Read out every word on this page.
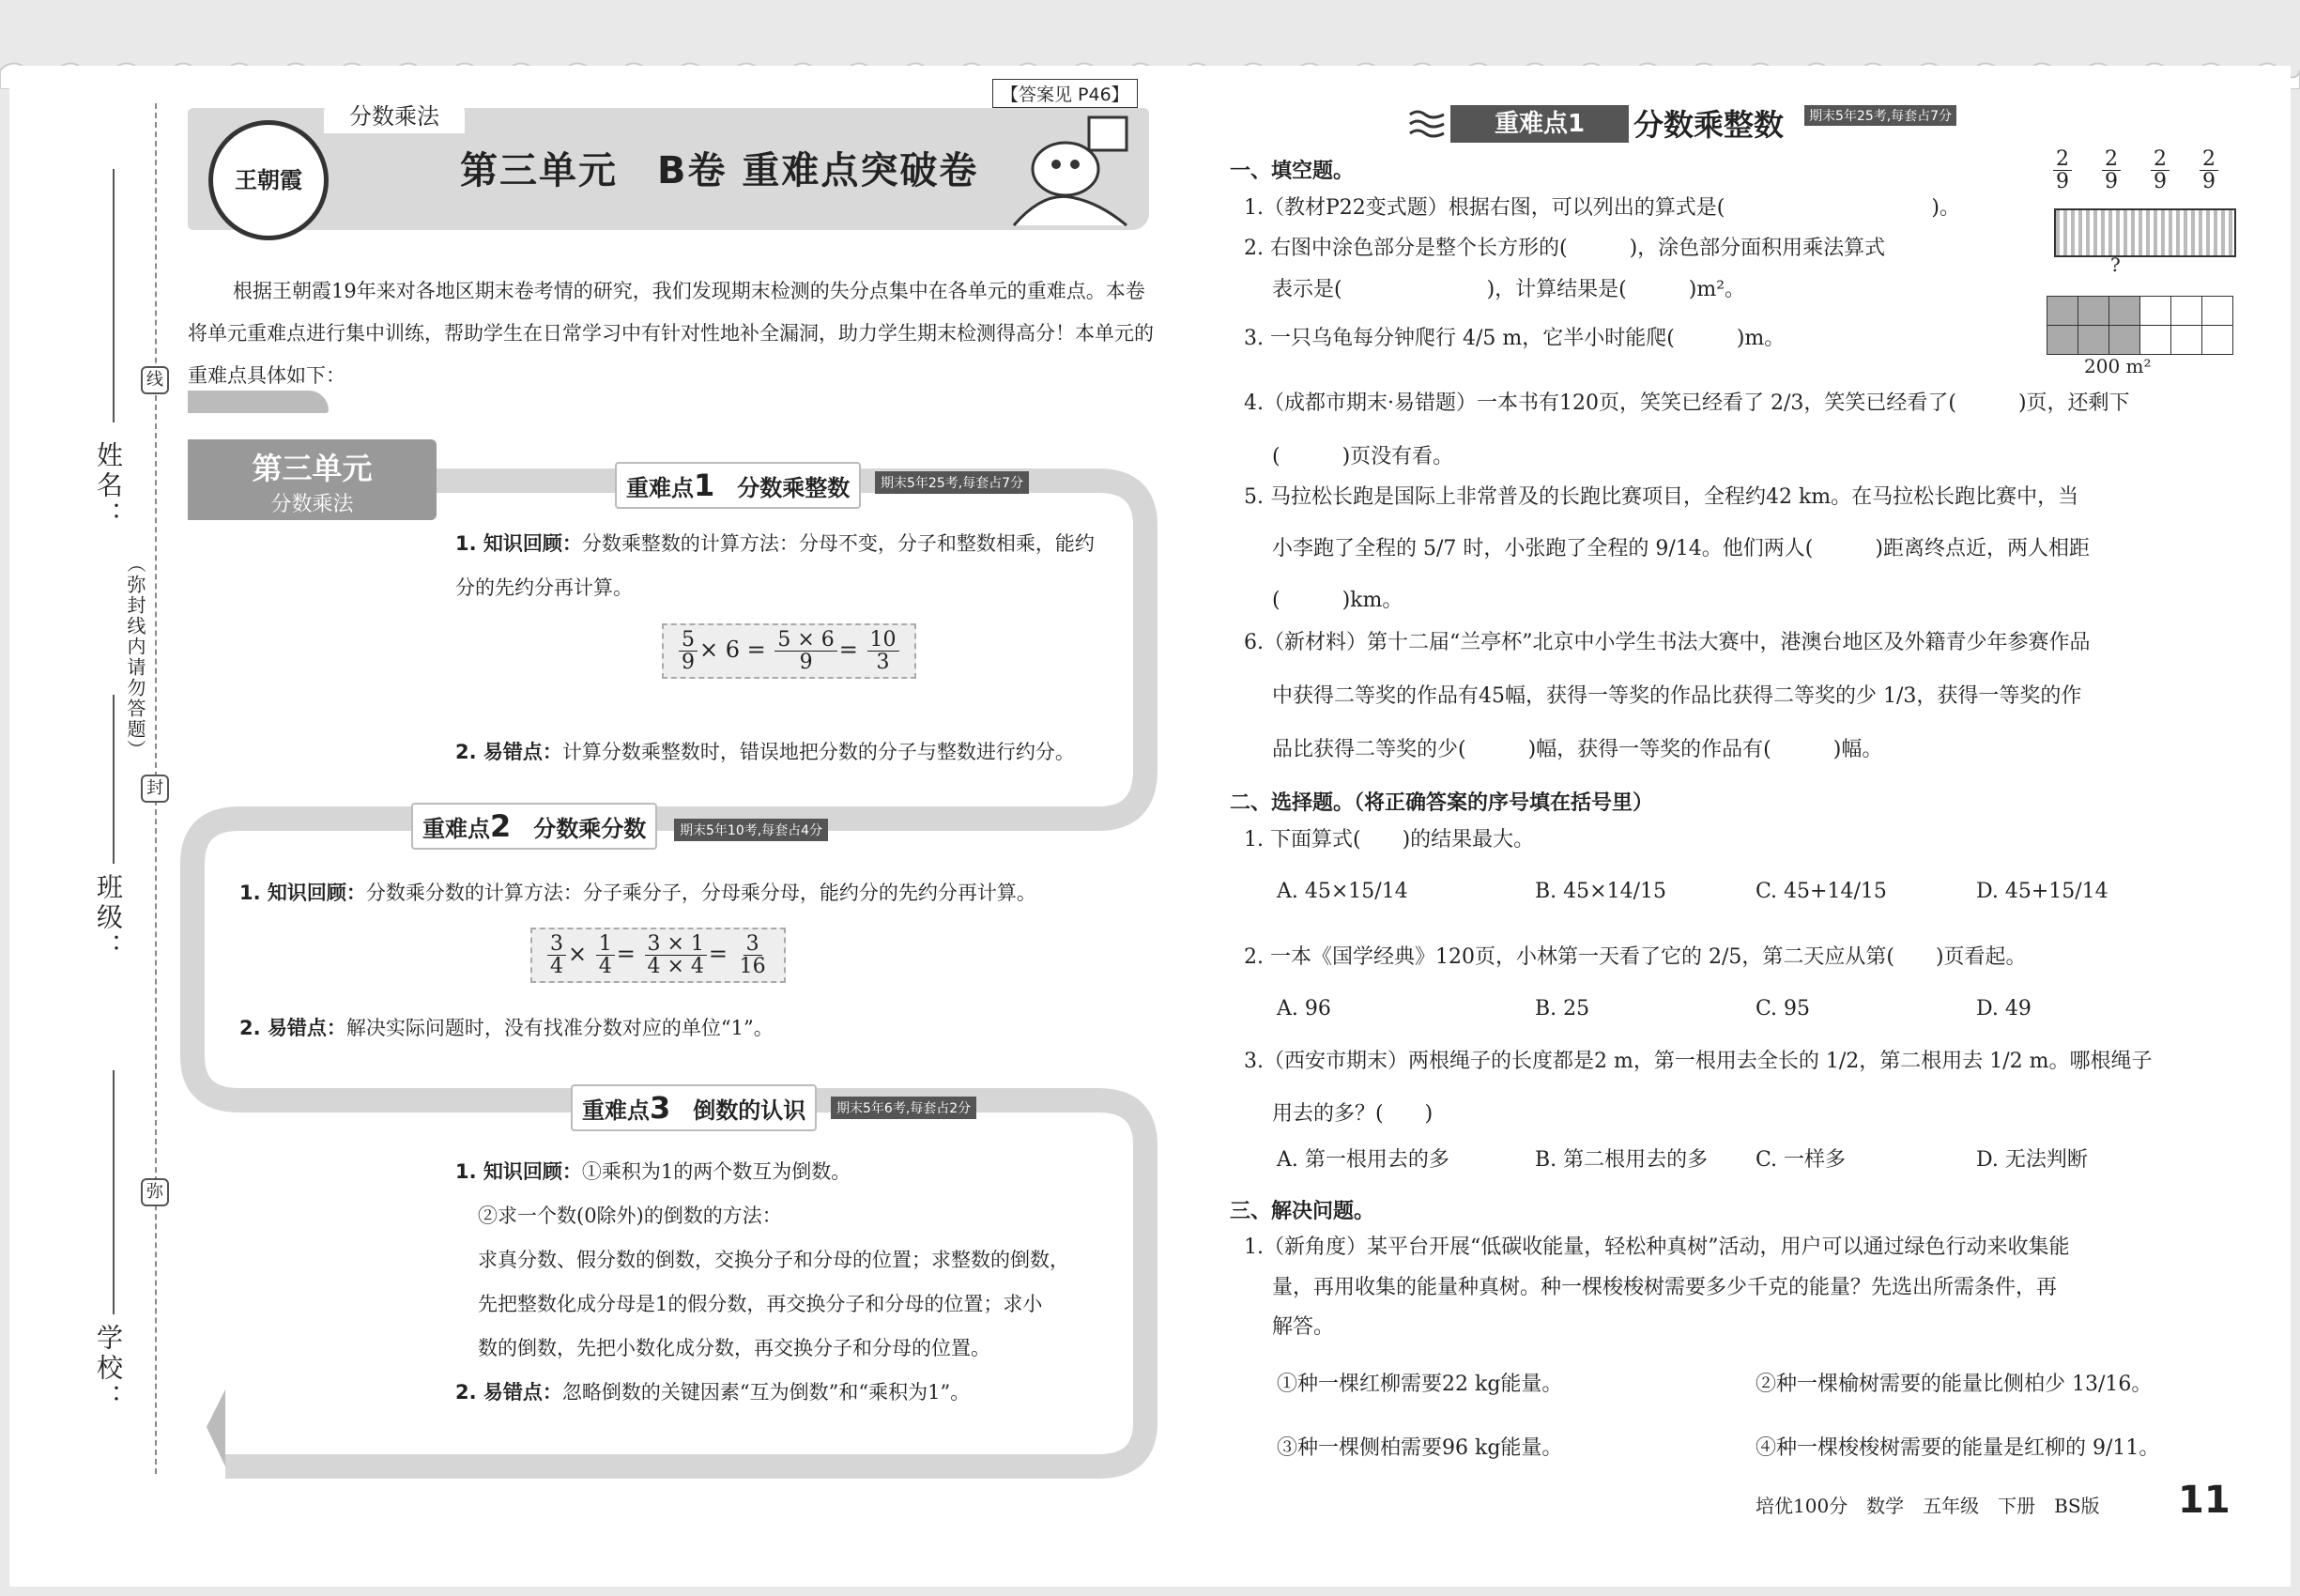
姓名：
班级：
学校：
（弥封线内请勿答题）
线
封
弥
分数乘法
【答案见 P46】
王朝霞	第三单元　B卷 重难点突破卷
根据王朝霞19年来对各地区期末卷考情的研究，我们发现期末检测的失分点集中在各单元的重难点。本卷将单元重难点进行集中训练，帮助学生在日常学习中有针对性地补全漏洞，助力学生期末检测得高分！本单元的重难点具体如下：
第三单元
分数乘法
重难点1　 分数乘整数	期末5年25考,每套占7分
1. 知识回顾：分数乘整数的计算方法：分母不变，分子和整数相乘，能约分的先约分再计算。
$\frac{5}{9} \times 6 = \frac{5 \times 6}{9} = \frac{10}{3}$
2. 易错点：计算分数乘整数时，错误地把分数的分子与整数进行约分。
重难点2　 分数乘分数	期末5年10考,每套占4分
1. 知识回顾：分数乘分数的计算方法：分子乘分子，分母乘分母，能约分的先约分再计算。
$\frac{3}{4} \times \frac{1}{4} = \frac{3 \times 1}{4 \times 4} = \frac{3}{16}$
2. 易错点：解决实际问题时，没有找准分数对应的单位“1”。
重难点3　 倒数的认识	期末5年6考,每套占2分
1. 知识回顾：①乘积为1的两个数互为倒数。
②求一个数(0除外)的倒数的方法：
求真分数、假分数的倒数，交换分子和分母的位置；求整数的倒数，
先把整数化成分母是1的假分数，再交换分子和分母的位置；求小
数的倒数，先把小数化成分数，再交换分子和分母的位置。
2. 易错点：忽略倒数的关键因素“互为倒数”和“乘积为1”。
重难点1	分数乘整数	期末5年25考,每套占7分
一、填空题。	$\frac{2}{9} \frac{2}{9} \frac{2}{9} \frac{2}{9}$
?

200 m²
1.（教材P22变式题）根据右图，可以列出的算式是(　　　　　　　　　　)。
2. 右图中涂色部分是整个长方形的(　　　)，涂色部分面积用乘法算式
表示是(　　　　　　　)，计算结果是(　　　)m²。
3. 一只乌龟每分钟爬行 4/5 m，它半小时能爬(　　　)m。
4.（成都市期末·易错题）一本书有120页，笑笑已经看了 2/3，笑笑已经看了(　　　)页，还剩下
(　　　)页没有看。
5. 马拉松长跑是国际上非常普及的长跑比赛项目，全程约42 km。在马拉松长跑比赛中，当
小李跑了全程的 5/7 时，小张跑了全程的 9/14。他们两人(　　　)距离终点近，两人相距
(　　　)km。
6.（新材料）第十二届“兰亭杯”北京中小学生书法大赛中，港澳台地区及外籍青少年参赛作品
中获得二等奖的作品有45幅，获得一等奖的作品比获得二等奖的少 1/3，获得一等奖的作
品比获得二等奖的少(　　　)幅，获得一等奖的作品有(　　　)幅。
二、选择题。（将正确答案的序号填在括号里）
1. 下面算式(　　)的结果最大。
A. 45×15/14	B. 45×14/15	C. 45+14/15	D. 45+15/14
2. 一本《国学经典》120页，小林第一天看了它的 2/5，第二天应从第(　　)页看起。
A. 96	B. 25	C. 95	D. 49
3.（西安市期末）两根绳子的长度都是2 m，第一根用去全长的 1/2，第二根用去 1/2 m。哪根绳子
用去的多？(　　)
A. 第一根用去的多	B. 第二根用去的多 C. 一样多	D. 无法判断
三、解决问题。
1.（新角度）某平台开展“低碳收能量，轻松种真树”活动，用户可以通过绿色行动来收集能
量，再用收集的能量种真树。种一棵梭梭树需要多少千克的能量？先选出所需条件，再
解答。
①种一棵红柳需要22 kg能量。	②种一棵榆树需要的能量比侧柏少 13/16。
③种一棵侧柏需要96 kg能量。	④种一棵梭梭树需要的能量是红柳的 9/11。
培优100分　数学　五年级　下册　BS版 11
